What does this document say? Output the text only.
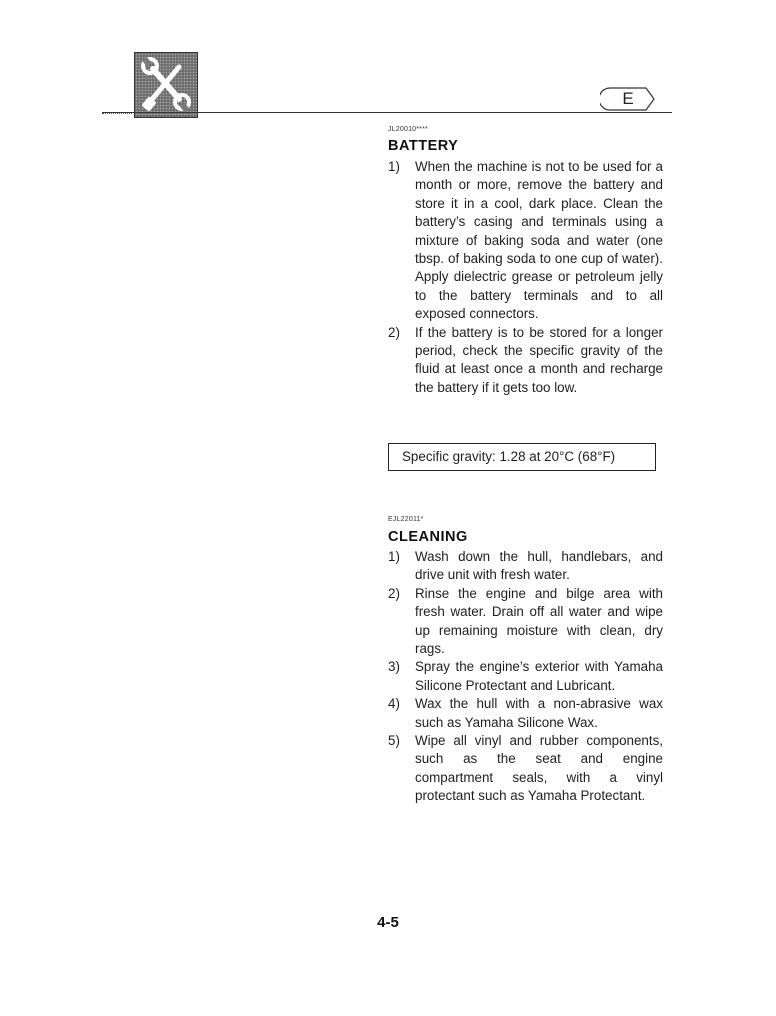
E
JL20010****
BATTERY
1) When the machine is not to be used for a month or more, remove the battery and store it in a cool, dark place. Clean the battery’s casing and terminals using a mixture of baking soda and water (one tbsp. of baking soda to one cup of water). Apply dielectric grease or petroleum jelly to the battery terminals and to all exposed connectors.
2) If the battery is to be stored for a longer period, check the specific gravity of the fluid at least once a month and recharge the battery if it gets too low.
Specific gravity: 1.28 at 20°C (68°F)
EJL22011*
CLEANING
1) Wash down the hull, handlebars, and drive unit with fresh water.
2) Rinse the engine and bilge area with fresh water. Drain off all water and wipe up remaining moisture with clean, dry rags.
3) Spray the engine’s exterior with Yamaha Silicone Protectant and Lubricant.
4) Wax the hull with a non-abrasive wax such as Yamaha Silicone Wax.
5) Wipe all vinyl and rubber components, such as the seat and engine compartment seals, with a vinyl protectant such as Yamaha Protectant.
4-5
